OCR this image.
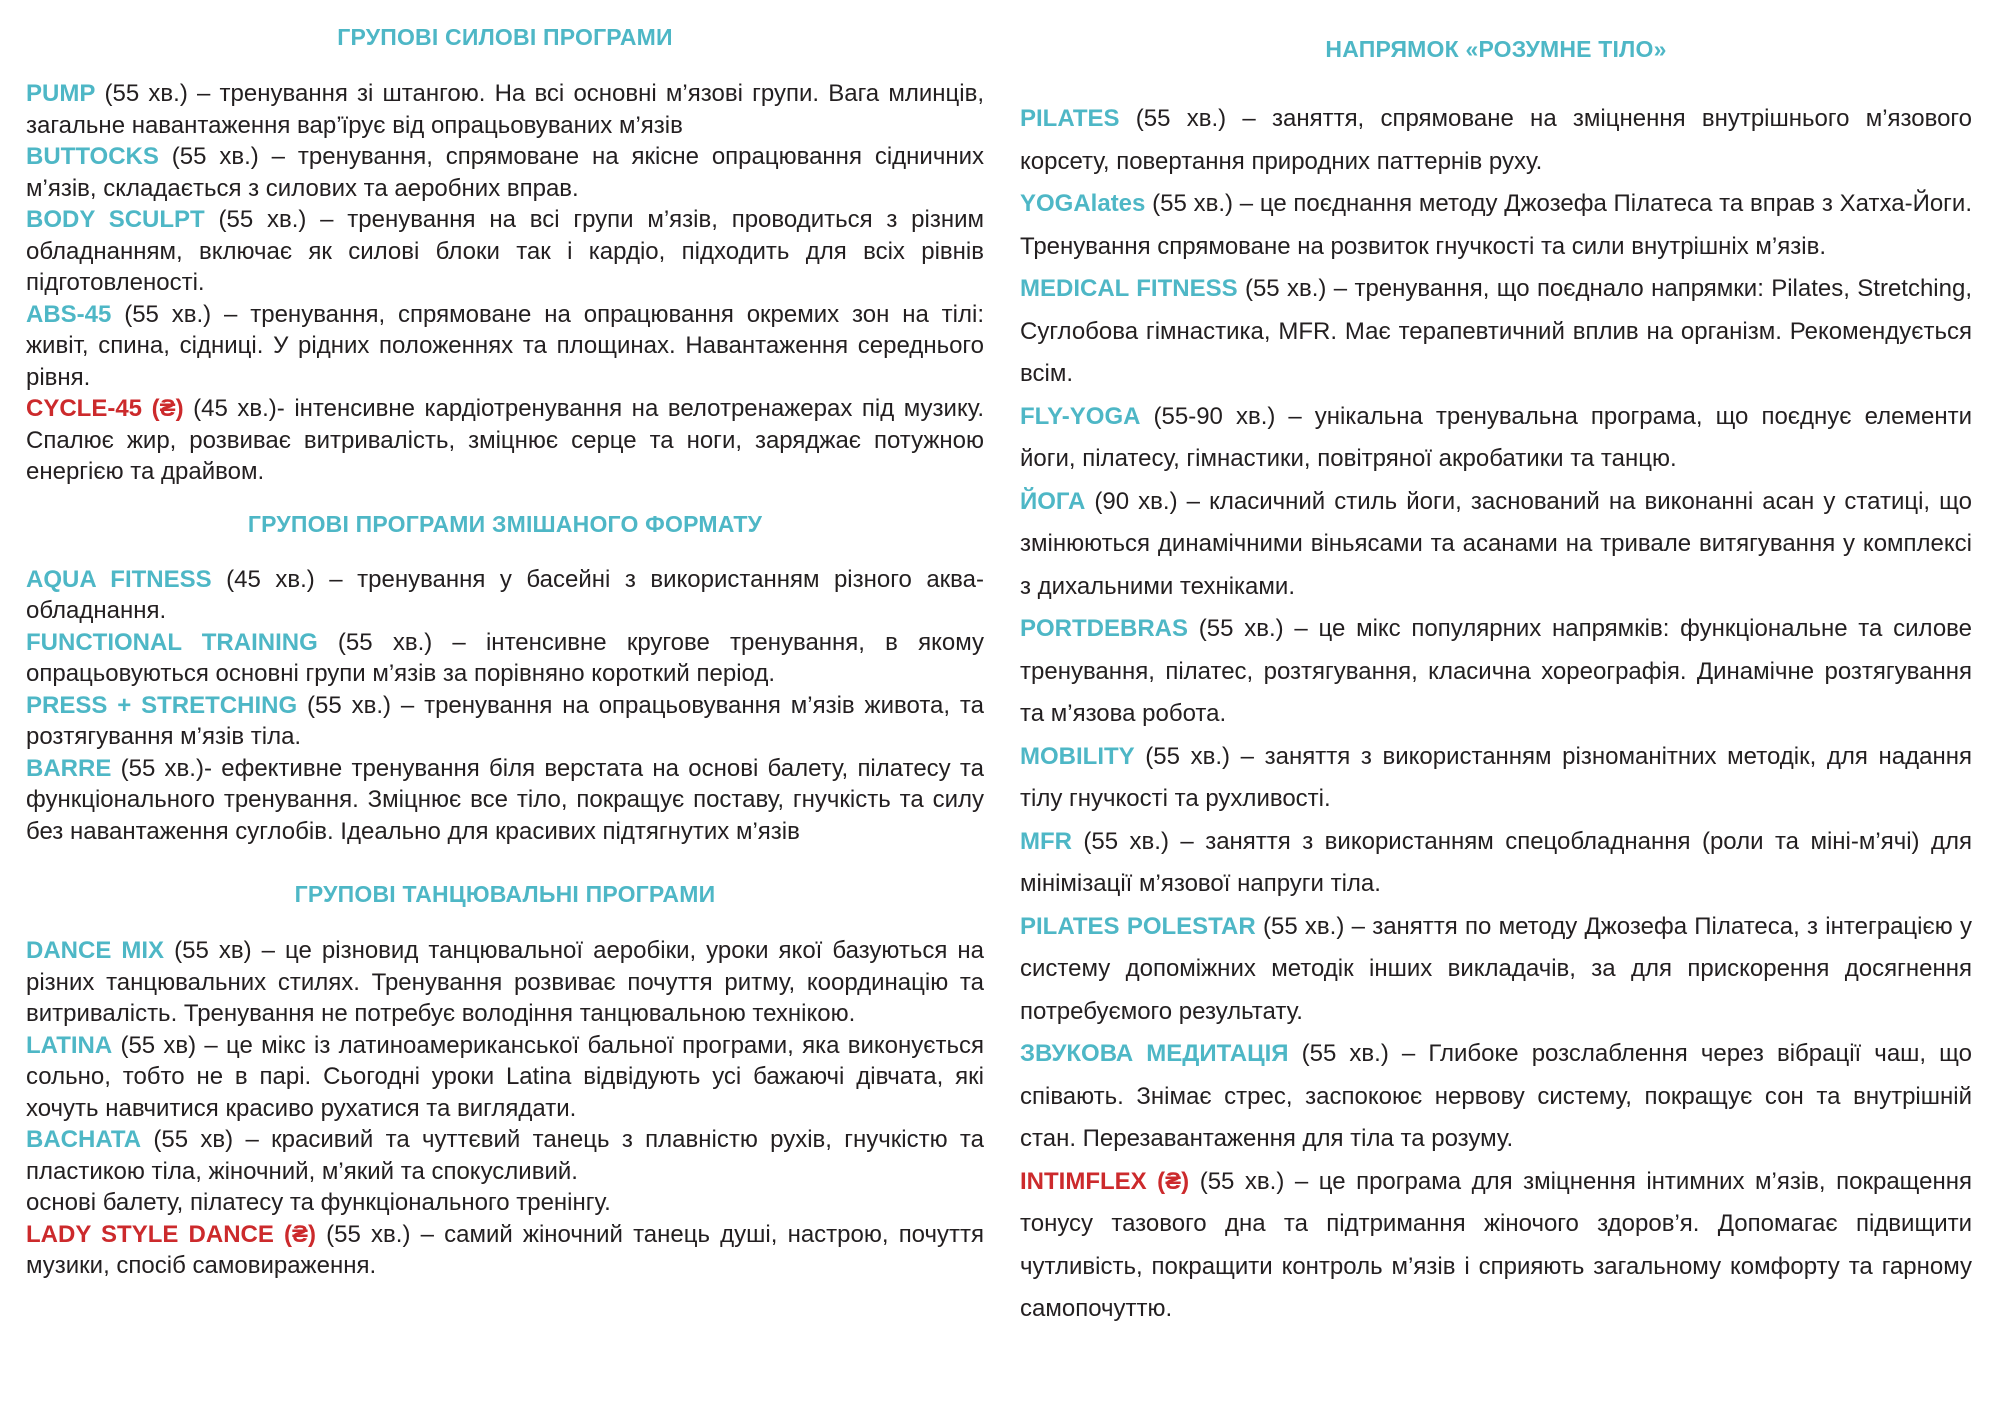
ГРУПОВІ СИЛОВІ ПРОГРАМИ

PUMP (55 хв.) – тренування зі штангою. На всі основні м’язові групи. Вага млинців, загальне навантаження вар’їрує від опрацьовуваних м’язів

BUTTOCKS (55 хв.) – тренування, спрямоване на якісне опрацювання сідничних м’язів, складається з силових та аеробних вправ.

BODY SCULPT (55 хв.) – тренування на всі групи м’язів, проводиться з різним обладнанням, включає як силові блоки так і кардіо, підходить для всіх рівнів підготовленості.

ABS-45 (55 хв.) – тренування, спрямоване на опрацювання окремих зон на тілі: живіт, спина, сідниці. У рідних положеннях та площинах. Навантаження середнього рівня.

CYCLE-45 (₴) (45 хв.)- інтенсивне кардіотренування на велотренажерах під музику. Спалює жир, розвиває витривалість, зміцнює серце та ноги, заряджає потужною енергією та драйвом.

ГРУПОВІ ПРОГРАМИ ЗМІШАНОГО ФОРМАТУ

AQUA FITNESS (45 хв.) – тренування у басейні з використанням різного аква-обладнання.

FUNCTIONAL TRAINING (55 хв.) – інтенсивне кругове тренування, в якому опрацьовуються основні групи м’язів за порівняно короткий період.

PRESS + STRETCHING (55 хв.) – тренування на опрацьовування м’язів живота, та розтягування м’язів тіла.

BARRE (55 хв.)- ефективне тренування біля верстата на основі балету, пілатесу та функціонального тренування. Зміцнює все тіло, покращує поставу, гнучкість та силу без навантаження суглобів. Ідеально для красивих підтягнутих м’язів

ГРУПОВІ ТАНЦЮВАЛЬНІ ПРОГРАМИ

DANCE MIX (55 хв) – це різновид танцювальної аеробіки, уроки якої базуються на різних танцювальних стилях. Тренування розвиває почуття ритму, координацію та витривалість. Тренування не потребує володіння танцювальною технікою.

LATINA (55 хв) – це мікс із латиноамериканської бальної програми, яка виконується сольно, тобто не в парі. Сьогодні уроки Latina відвідують усі бажаючі дівчата, які хочуть навчитися красиво рухатися та виглядати.

BACHATA (55 хв) – красивий та чуттєвий танець з плавністю рухів, гнучкістю та пластикою тіла, жіночний, м’який та спокусливий.

основі балету, пілатесу та функціонального тренінгу.

LADY STYLE DANCE (₴) (55 хв.) – самий жіночний танець душі, настрою, почуття музики, спосіб самовираження.

НАПРЯМОК «РОЗУМНЕ ТІЛО»

PILATES (55 хв.) – заняття, спрямоване на зміцнення внутрішнього м’язового корсету, повертання природних паттернів руху.

YOGAlates (55 хв.) – це поєднання методу Джозефа Пілатеса та вправ з Хатха-Йоги. Тренування спрямоване на розвиток гнучкості та сили внутрішніх м’язів.

MEDICAL FITNESS (55 хв.) – тренування, що поєднало напрямки: Pilates, Stretching, Суглобова гімнастика, MFR. Має терапевтичний вплив на організм. Рекомендується всім.

FLY-YOGA (55-90 хв.) – унікальна тренувальна програма, що поєднує елементи йоги, пілатесу, гімнастики, повітряної акробатики та танцю.

ЙОГА (90 хв.) – класичний стиль йоги, заснований на виконанні асан у статиці, що змінюються динамічними віньясами та асанами на тривале витягування у комплексі з дихальними техніками.

PORTDEBRAS (55 хв.) – це мікс популярних напрямків: функціональне та силове тренування, пілатес, розтягування, класична хореографія. Динамічне розтягування та м’язова робота.

MOBILITY (55 хв.) – заняття з використанням різноманітних методік, для надання тілу гнучкості та рухливості.

MFR (55 хв.) – заняття з використанням спецобладнання (роли та міні-м’ячі) для мінімізації м’язової напруги тіла.

PILATES POLESTAR (55 хв.) – заняття по методу Джозефа Пілатеса, з інтеграцією у систему допоміжних методік інших викладачів, за для прискорення досягнення потребуємого результату.

ЗВУКОВА МЕДИТАЦІЯ (55 хв.) – Глибоке розслаблення через вібрації чаш, що співають. Знімає стрес, заспокоює нервову систему, покращує сон та внутрішній стан. Перезавантаження для тіла та розуму.

INTIMFLEX (₴) (55 хв.) – це програма для зміцнення інтимних м’язів, покращення тонусу тазового дна та підтримання жіночого здоров’я. Допомагає підвищити чутливість, покращити контроль м’язів і сприяють загальному комфорту та гарному самопочуттю.
